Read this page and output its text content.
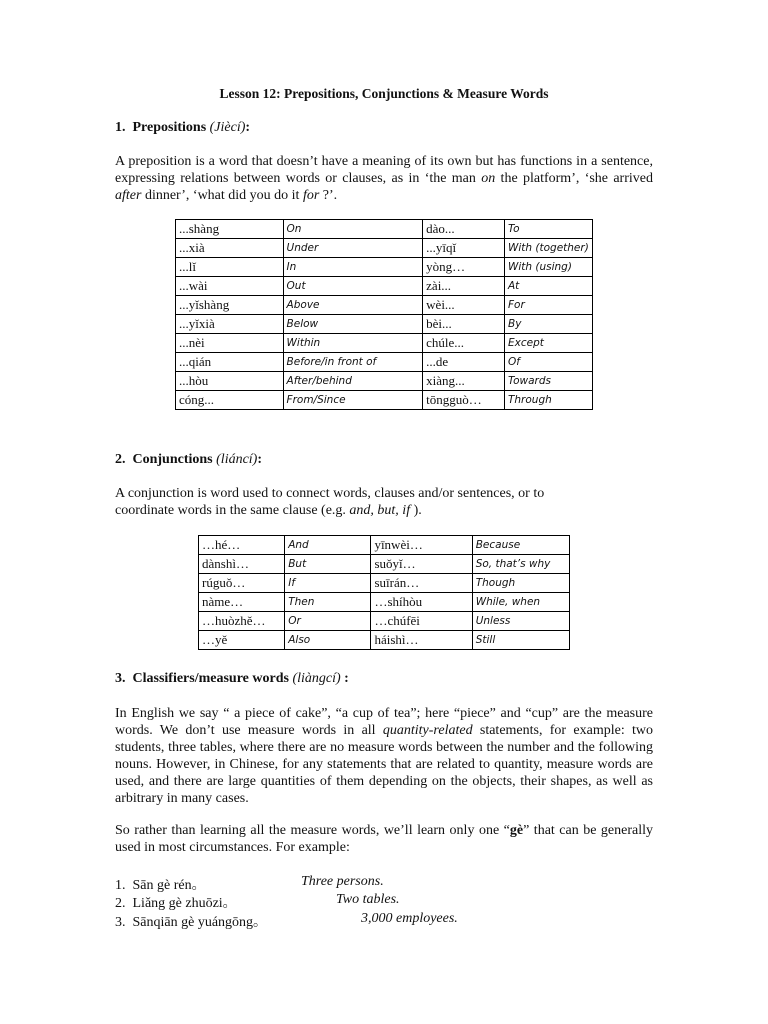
Lesson 12: Prepositions, Conjunctions & Measure Words
1. Prepositions (Jiècí):

A preposition is a word that doesn’t have a meaning of its own but has functions in a sentence, expressing relations between words or clauses, as in ‘the man on the platform’, ‘she arrived after dinner’, ‘what did you do it for ?’.

...shàng	On	dào...	To
...xià	Under	...yīqǐ	With (together)
...lǐ	In	yòng…	With (using)
...wài	Out	zài...	At
...yǐshàng	Above	wèi...	For
...yǐxià	Below	bèi...	By
...nèi	Within	chúle...	Except
...qián	Before/in front of	...de	Of
...hòu	After/behind	xiàng...	Towards
cóng...	From/Since	tōngguò…	Through
2. Conjunctions (liáncí):

A conjunction is word used to connect words, clauses and/or sentences, or to coordinate words in the same clause (e.g. and, but, if ).

…hé…	And	yīnwèi…	Because
dànshì…	But	suǒyǐ…	So, that’s why
rúguǒ…	If	suīrán…	Though
nàme…	Then	…shíhòu	While, when
…huòzhě…	Or	…chúfēi	Unless
…yě	Also	háishì…	Still
3. Classifiers/measure words (liàngcí) :

In English we say “ a piece of cake”, “a cup of tea”; here “piece” and “cup” are the measure words. We don’t use measure words in all quantity-related statements, for example: two students, three tables, where there are no measure words between the number and the following nouns. However, in Chinese, for any statements that are related to quantity, measure words are used, and there are large quantities of them depending on the objects, their shapes, as well as arbitrary in many cases.

So rather than learning all the measure words, we’ll learn only one “gè” that can be generally used in most circumstances. For example:

1. Sān gè rén。	Three persons.
2. Liǎng gè zhuōzi。	Two tables.
3. Sānqiān gè yuángōng。	3,000 employees.
